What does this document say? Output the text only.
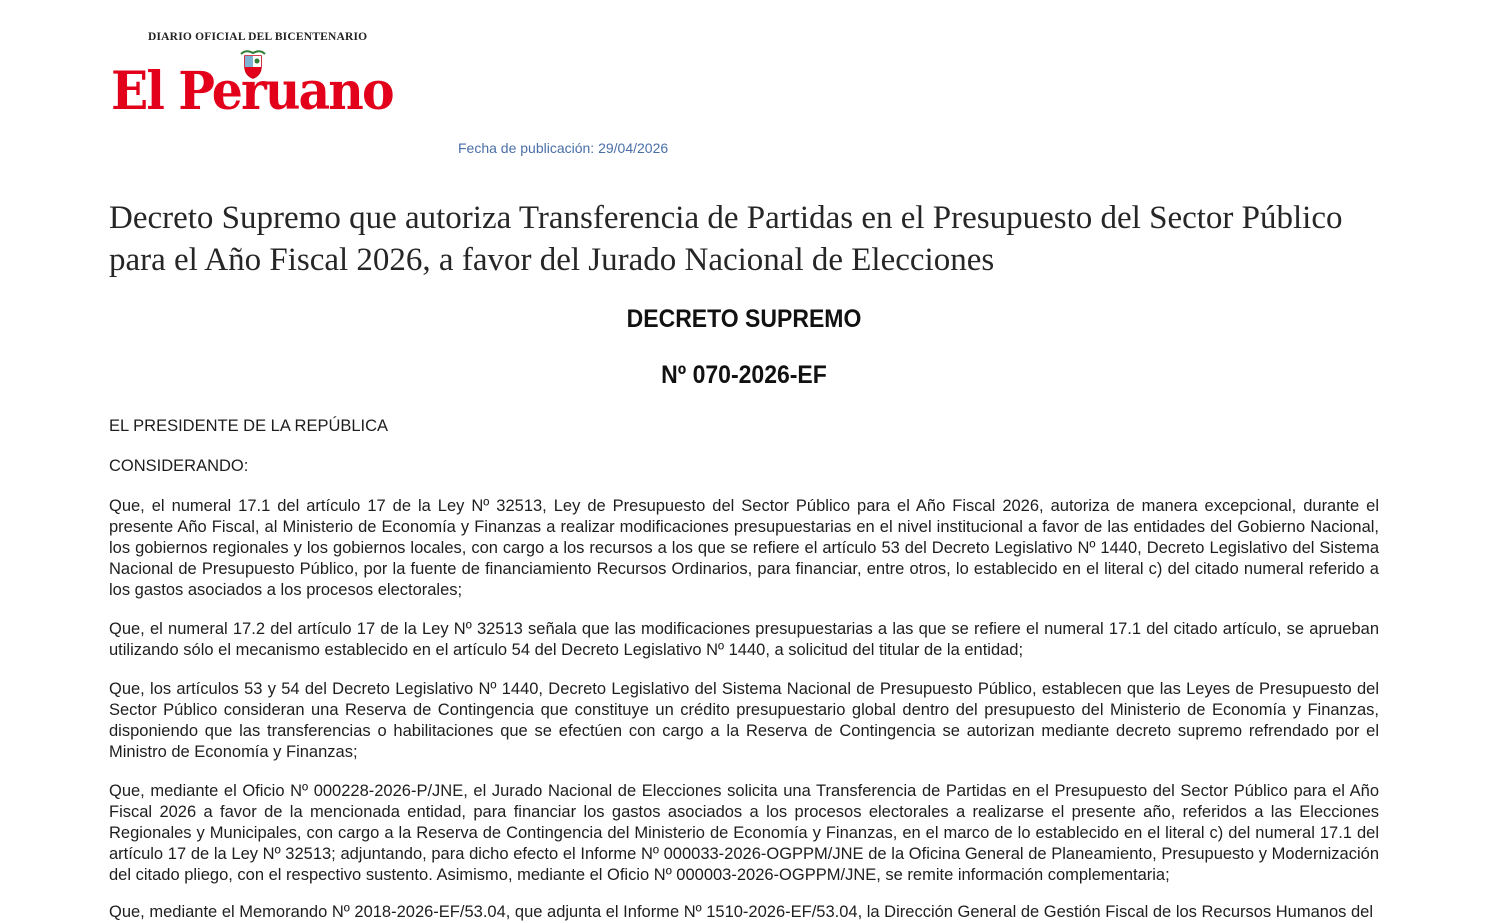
DIARIO OFICIAL DEL BICENTENARIO
El Peruano
Fecha de publicación: 29/04/2026
Decreto Supremo que autoriza Transferencia de Partidas en el Presupuesto del Sector Público para el Año Fiscal 2026, a favor del Jurado Nacional de Elecciones
DECRETO SUPREMO
Nº 070-2026-EF
EL PRESIDENTE DE LA REPÚBLICA
CONSIDERANDO:
Que, el numeral 17.1 del artículo 17 de la Ley Nº 32513, Ley de Presupuesto del Sector Público para el Año Fiscal 2026, autoriza de manera excepcional, durante el presente Año Fiscal, al Ministerio de Economía y Finanzas a realizar modificaciones presupuestarias en el nivel institucional a favor de las entidades del Gobierno Nacional, los gobiernos regionales y los gobiernos locales, con cargo a los recursos a los que se refiere el artículo 53 del Decreto Legislativo Nº 1440, Decreto Legislativo del Sistema Nacional de Presupuesto Público, por la fuente de financiamiento Recursos Ordinarios, para financiar, entre otros, lo establecido en el literal c) del citado numeral referido a los gastos asociados a los procesos electorales;
Que, el numeral 17.2 del artículo 17 de la Ley Nº 32513 señala que las modificaciones presupuestarias a las que se refiere el numeral 17.1 del citado artículo, se aprueban utilizando sólo el mecanismo establecido en el artículo 54 del Decreto Legislativo Nº 1440, a solicitud del titular de la entidad;
Que, los artículos 53 y 54 del Decreto Legislativo Nº 1440, Decreto Legislativo del Sistema Nacional de Presupuesto Público, establecen que las Leyes de Presupuesto del Sector Público consideran una Reserva de Contingencia que constituye un crédito presupuestario global dentro del presupuesto del Ministerio de Economía y Finanzas, disponiendo que las transferencias o habilitaciones que se efectúen con cargo a la Reserva de Contingencia se autorizan mediante decreto supremo refrendado por el Ministro de Economía y Finanzas;
Que, mediante el Oficio Nº 000228-2026-P/JNE, el Jurado Nacional de Elecciones solicita una Transferencia de Partidas en el Presupuesto del Sector Público para el Año Fiscal 2026 a favor de la mencionada entidad, para financiar los gastos asociados a los procesos electorales a realizarse el presente año, referidos a las Elecciones Regionales y Municipales, con cargo a la Reserva de Contingencia del Ministerio de Economía y Finanzas, en el marco de lo establecido en el literal c) del numeral 17.1 del artículo 17 de la Ley Nº 32513; adjuntando, para dicho efecto el Informe Nº 000033-2026-OGPPM/JNE de la Oficina General de Planeamiento, Presupuesto y Modernización del citado pliego, con el respectivo sustento. Asimismo, mediante el Oficio Nº 000003-2026-OGPPM/JNE, se remite información complementaria;
Que, mediante el Memorando Nº 2018-2026-EF/53.04, que adjunta el Informe Nº 1510-2026-EF/53.04, la Dirección General de Gestión Fiscal de los Recursos Humanos del
